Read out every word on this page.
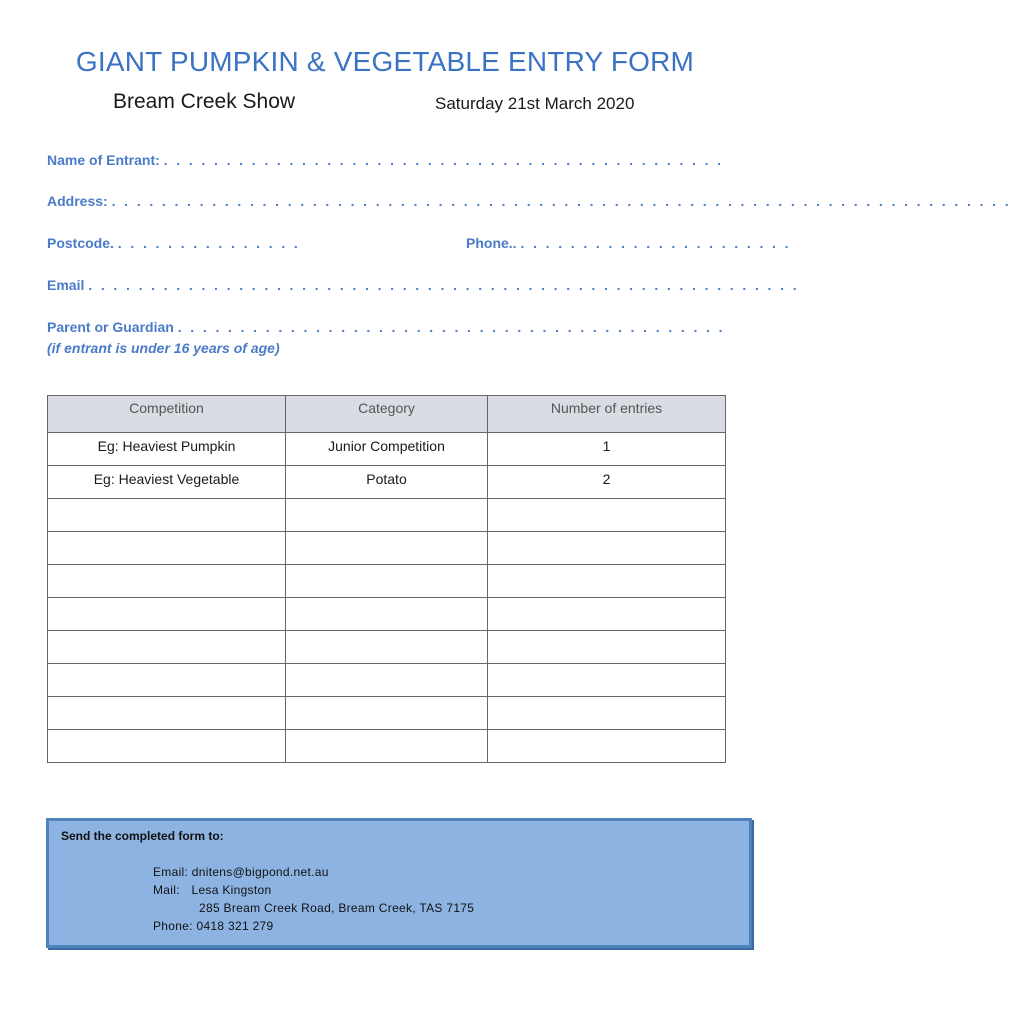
GIANT PUMPKIN & VEGETABLE ENTRY FORM
Bream Creek Show	Saturday 21st March 2020
Name of Entrant: . . . . . . . . . . . . . . . . . . . . . . . . . . . . . . . . . . . . . . . . . . . . .
Address: . . . . . . . . . . . . . . . . . . . . . . . . . . . . . . . . . . . . . . . . . . . . . . . . . . . . . . . . . . . . . . . . . . . . . . . .
Postcode. . . . . . . . . . . . . . . .	Phone.. . . . . . . . . . . . . . . . . . . . . . .
Email . . . . . . . . . . . . . . . . . . . . . . . . . . . . . . . . . . . . . . . . . . . . . . . . . . . . . . . . .
Parent or Guardian . . . . . . . . . . . . . . . . . . . . . . . . . . . . . . . . . . . . . . . . . . . .
(if entrant is under 16 years of age)
Competition	Category	Number of entries
Eg: Heaviest Pumpkin	Junior Competition	1
Eg: Heaviest Vegetable	Potato	2

Send the completed form to:
Email: dnitens@bigpond.net.au
Mail: Lesa Kingston
285 Bream Creek Road, Bream Creek, TAS 7175
Phone: 0418 321 279
